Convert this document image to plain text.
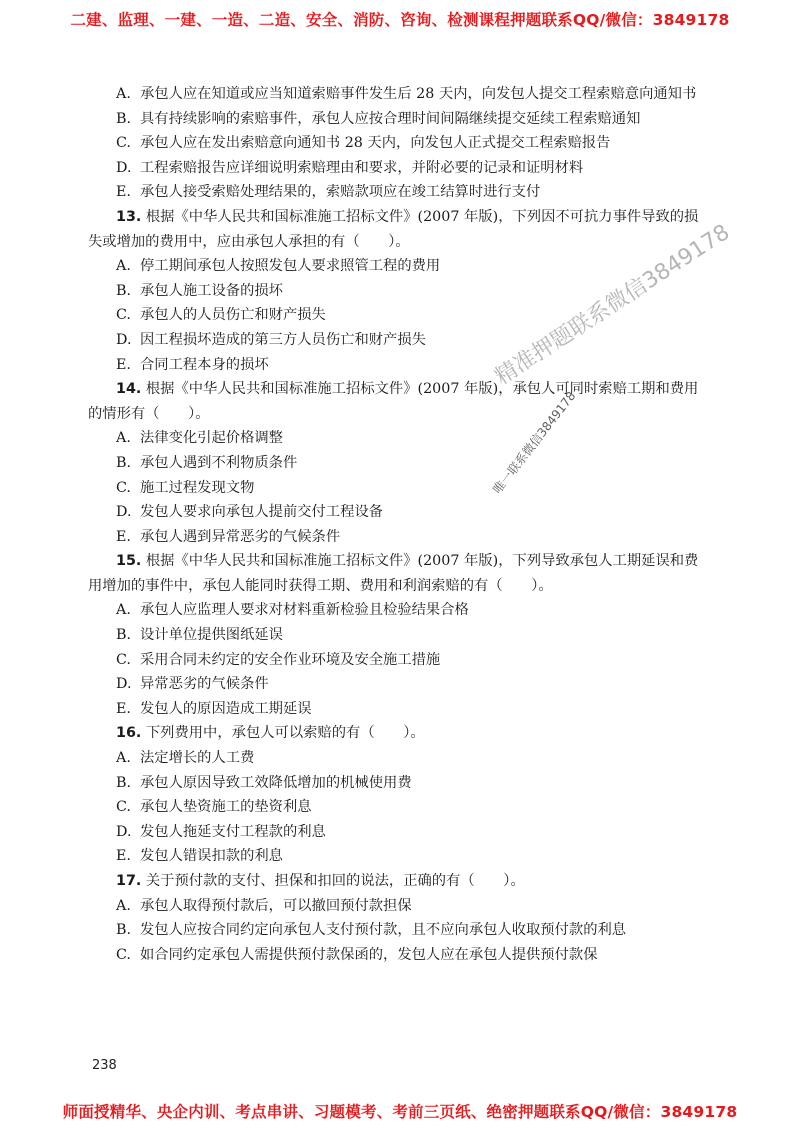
二建、监理、一建、一造、二造、安全、消防、咨询、检测课程押题联系QQ/微信：3849178
A. 承包人应在知道或应当知道索赔事件发生后 28 天内，向发包人提交工程索赔意向通知书
B. 具有持续影响的索赔事件，承包人应按合理时间间隔继续提交延续工程索赔通知
C. 承包人应在发出索赔意向通知书 28 天内，向发包人正式提交工程索赔报告
D. 工程索赔报告应详细说明索赔理由和要求，并附必要的记录和证明材料
E. 承包人接受索赔处理结果的，索赔款项应在竣工结算时进行支付
13. 根据《中华人民共和国标准施工招标文件》(2007 年版)，下列因不可抗力事件导致的损失或增加的费用中，应由承包人承担的有（　　）。
A. 停工期间承包人按照发包人要求照管工程的费用
B. 承包人施工设备的损坏
C. 承包人的人员伤亡和财产损失
D. 因工程损坏造成的第三方人员伤亡和财产损失
E. 合同工程本身的损坏
14. 根据《中华人民共和国标准施工招标文件》(2007 年版)，承包人可同时索赔工期和费用的情形有（　　）。
A. 法律变化引起价格调整
B. 承包人遇到不利物质条件
C. 施工过程发现文物
D. 发包人要求向承包人提前交付工程设备
E. 承包人遇到异常恶劣的气候条件
15. 根据《中华人民共和国标准施工招标文件》(2007 年版)，下列导致承包人工期延误和费用增加的事件中，承包人能同时获得工期、费用和利润索赔的有（　　）。
A. 承包人应监理人要求对材料重新检验且检验结果合格
B. 设计单位提供图纸延误
C. 采用合同未约定的安全作业环境及安全施工措施
D. 异常恶劣的气候条件
E. 发包人的原因造成工期延误
16. 下列费用中，承包人可以索赔的有（　　）。
A. 法定增长的人工费
B. 承包人原因导致工效降低增加的机械使用费
C. 承包人垫资施工的垫资利息
D. 发包人拖延支付工程款的利息
E. 发包人错误扣款的利息
17. 关于预付款的支付、担保和扣回的说法，正确的有（　　）。
A. 承包人取得预付款后，可以撤回预付款担保
B. 发包人应按合同约定向承包人支付预付款，且不应向承包人收取预付款的利息
C. 如合同约定承包人需提供预付款保函的，发包人应在承包人提供预付款保
精准押题联系微信3849178
唯一联系微信3849178
238
师面授精华、央企内训、考点串讲、习题模考、考前三页纸、绝密押题联系QQ/微信：3849178
